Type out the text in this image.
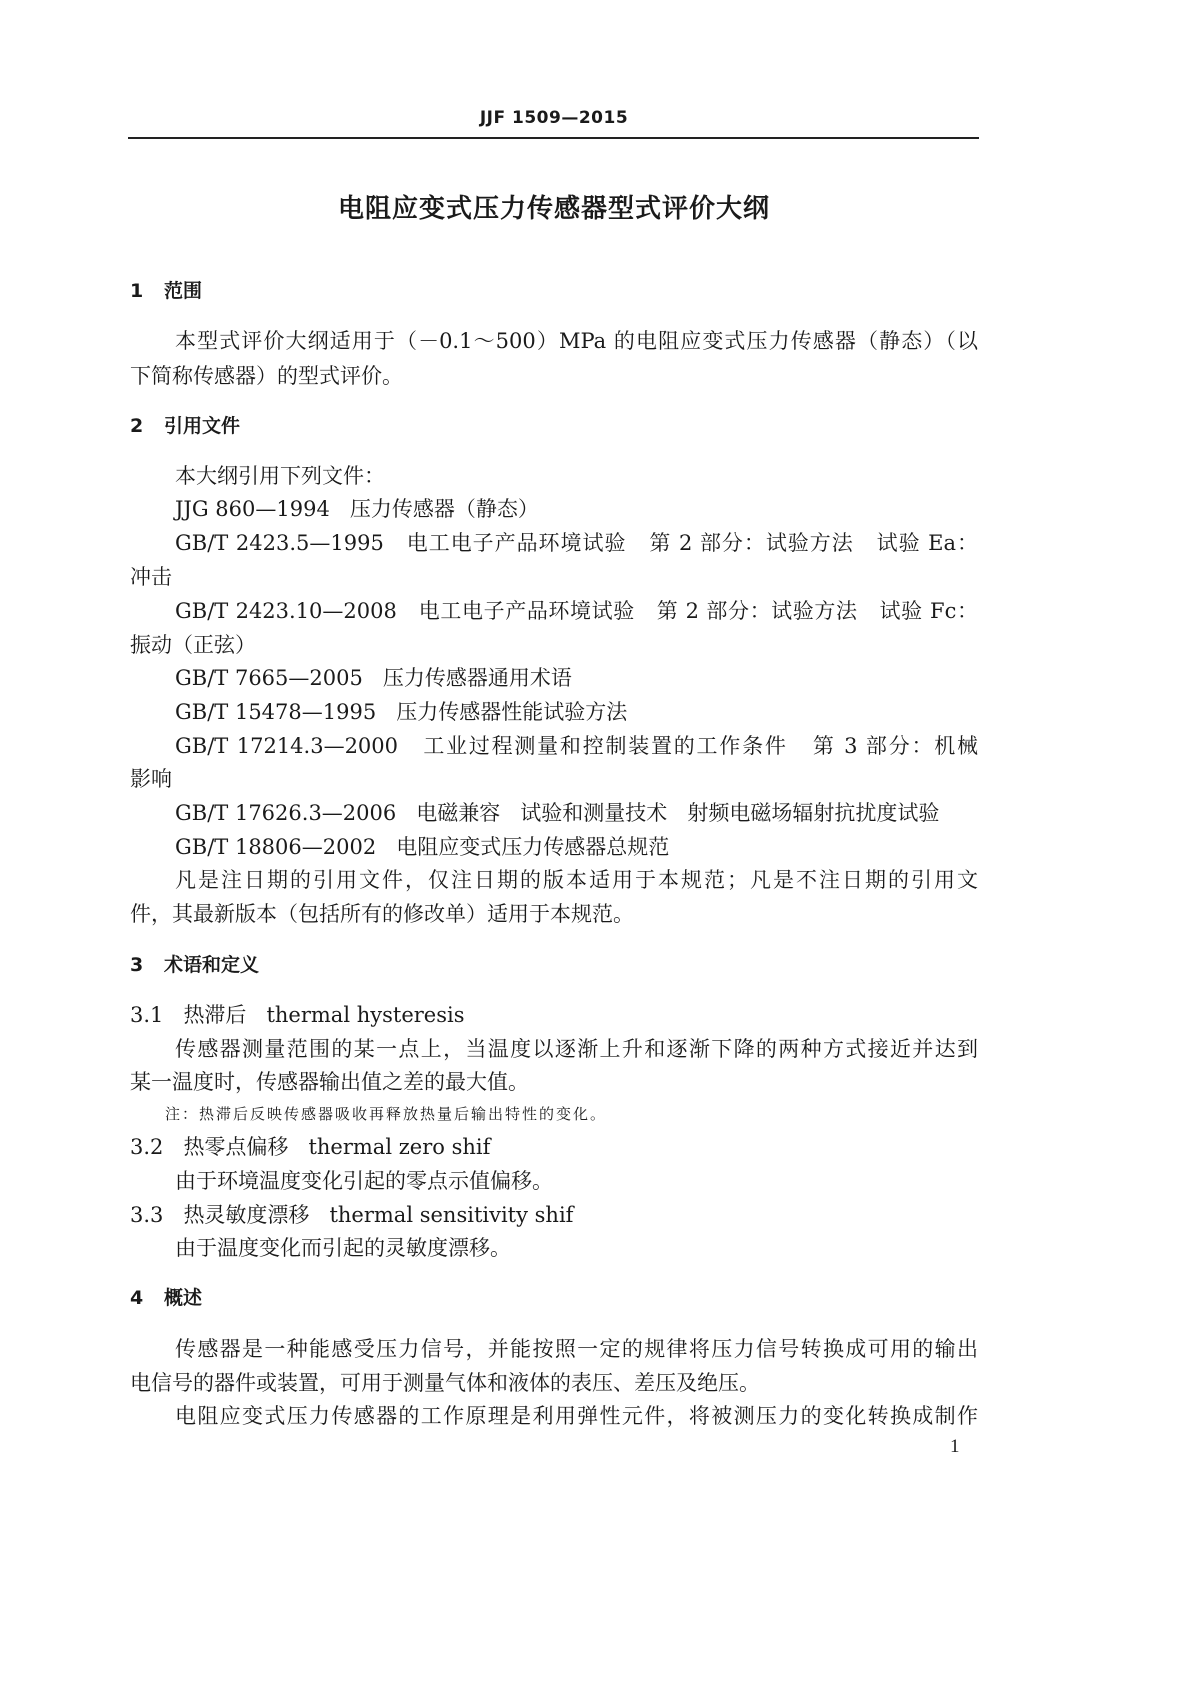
JJF 1509—2015
电阻应变式压力传感器型式评价大纲
1 范围
本型式评价大纲适用于（－0.1～500）MPa 的电阻应变式压力传感器（静态）（以
下简称传感器）的型式评价。
2 引用文件
本大纲引用下列文件：
JJG 860—1994   压力传感器（静态）
GB/T 2423.5—1995   电工电子产品环境试验   第 2 部分：试验方法   试验 Ea：
冲击
GB/T 2423.10—2008   电工电子产品环境试验   第 2 部分：试验方法   试验 Fc：
振动（正弦）
GB/T 7665—2005   压力传感器通用术语
GB/T 15478—1995   压力传感器性能试验方法
GB/T 17214.3—2000   工业过程测量和控制装置的工作条件   第 3 部分：机械
影响
GB/T 17626.3—2006   电磁兼容   试验和测量技术   射频电磁场辐射抗扰度试验
GB/T 18806—2002   电阻应变式压力传感器总规范
凡是注日期的引用文件，仅注日期的版本适用于本规范；凡是不注日期的引用文
件，其最新版本（包括所有的修改单）适用于本规范。
3 术语和定义
3.1 热滞后 thermal hysteresis
传感器测量范围的某一点上，当温度以逐渐上升和逐渐下降的两种方式接近并达到
某一温度时，传感器输出值之差的最大值。
注：热滞后反映传感器吸收再释放热量后输出特性的变化。
3.2 热零点偏移 thermal zero shif
由于环境温度变化引起的零点示值偏移。
3.3 热灵敏度漂移 thermal sensitivity shif
由于温度变化而引起的灵敏度漂移。
4 概述
传感器是一种能感受压力信号，并能按照一定的规律将压力信号转换成可用的输出
电信号的器件或装置，可用于测量气体和液体的表压、差压及绝压。
电阻应变式压力传感器的工作原理是利用弹性元件，将被测压力的变化转换成制作
1
